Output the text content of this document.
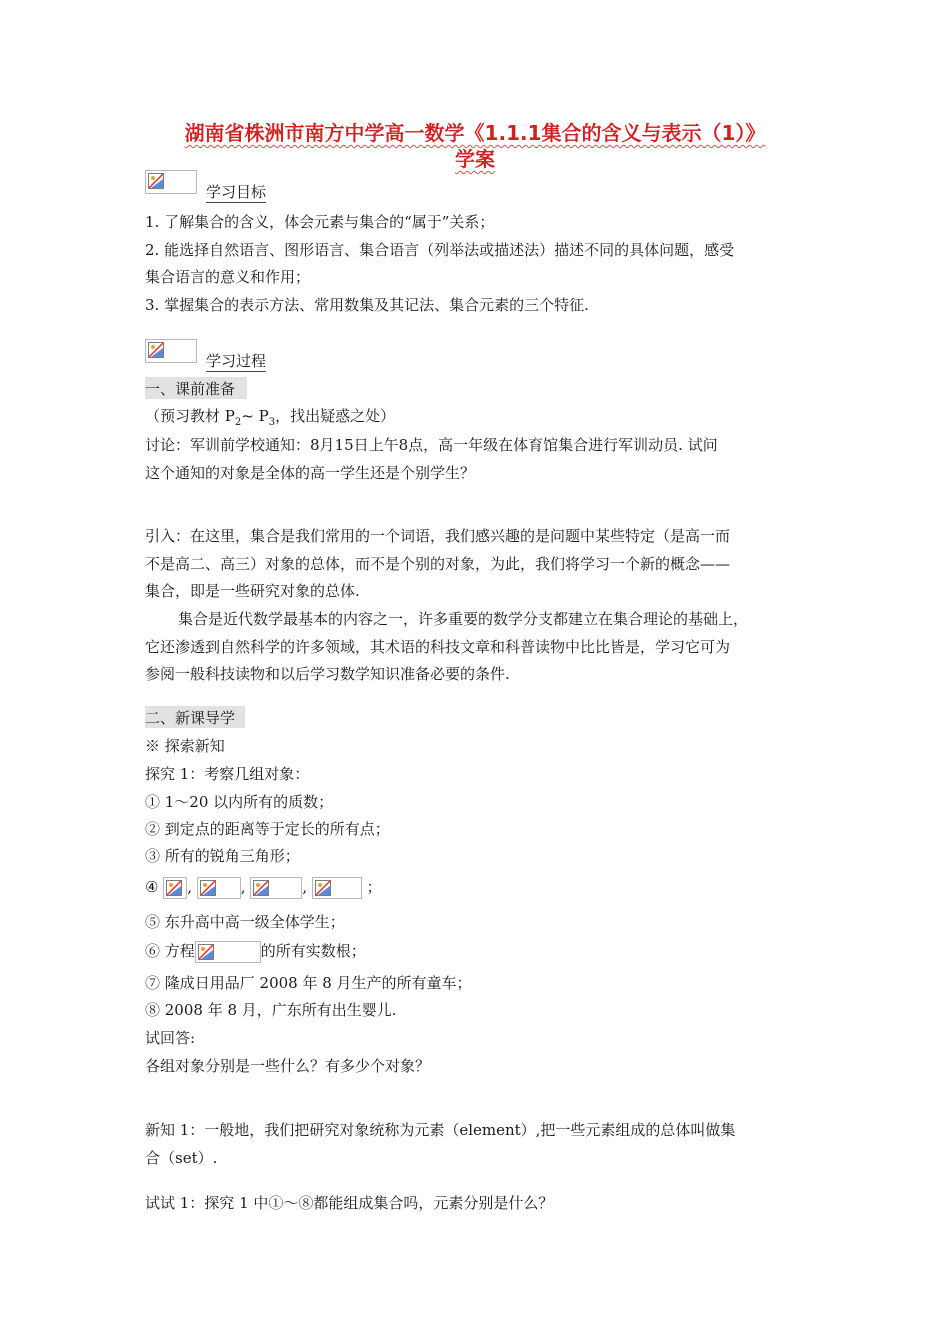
湖南省株洲市南方中学高一数学《1.1.1集合的含义与表示（1）》
学案
学习目标
1. 了解集合的含义，体会元素与集合的“属于”关系；
2. 能选择自然语言、图形语言、集合语言（列举法或描述法）描述不同的具体问题，感受
集合语言的意义和作用；
3. 掌握集合的表示方法、常用数集及其记法、集合元素的三个特征.
学习过程
一、课前准备
（预习教材 $P_2\sim$ $P_3$，找出疑惑之处）
讨论：军训前学校通知：8月15日上午8点，高一年级在体育馆集合进行军训动员. 试问
这个通知的对象是全体的高一学生还是个别学生？
引入：在这里，集合是我们常用的一个词语，我们感兴趣的是问题中某些特定（是高一而
不是高二、高三）对象的总体，而不是个别的对象，为此，我们将学习一个新的概念——
集合，即是一些研究对象的总体.
集合是近代数学最基本的内容之一，许多重要的数学分支都建立在集合理论的基础上，
它还渗透到自然科学的许多领域，其术语的科技文章和科普读物中比比皆是，学习它可为
参阅一般科技读物和以后学习数学知识准备必要的条件.
二、新课导学
※ 探索新知
探究 1：考察几组对象：
① 1～20 以内所有的质数；
② 到定点的距离等于定长的所有点；
③ 所有的锐角三角形；
④ ,	,	,	；
⑤ 东升高中高一级全体学生；
⑥ 方程	的所有实数根；
⑦ 隆成日用品厂 2008 年 8 月生产的所有童车；
⑧ 2008 年 8 月，广东所有出生婴儿.
试回答:
各组对象分别是一些什么？有多少个对象？
新知 1：一般地，我们把研究对象统称为元素（element）,把一些元素组成的总体叫做集
合（set）.
试试 1：探究 1 中①～⑧都能组成集合吗，元素分别是什么？
